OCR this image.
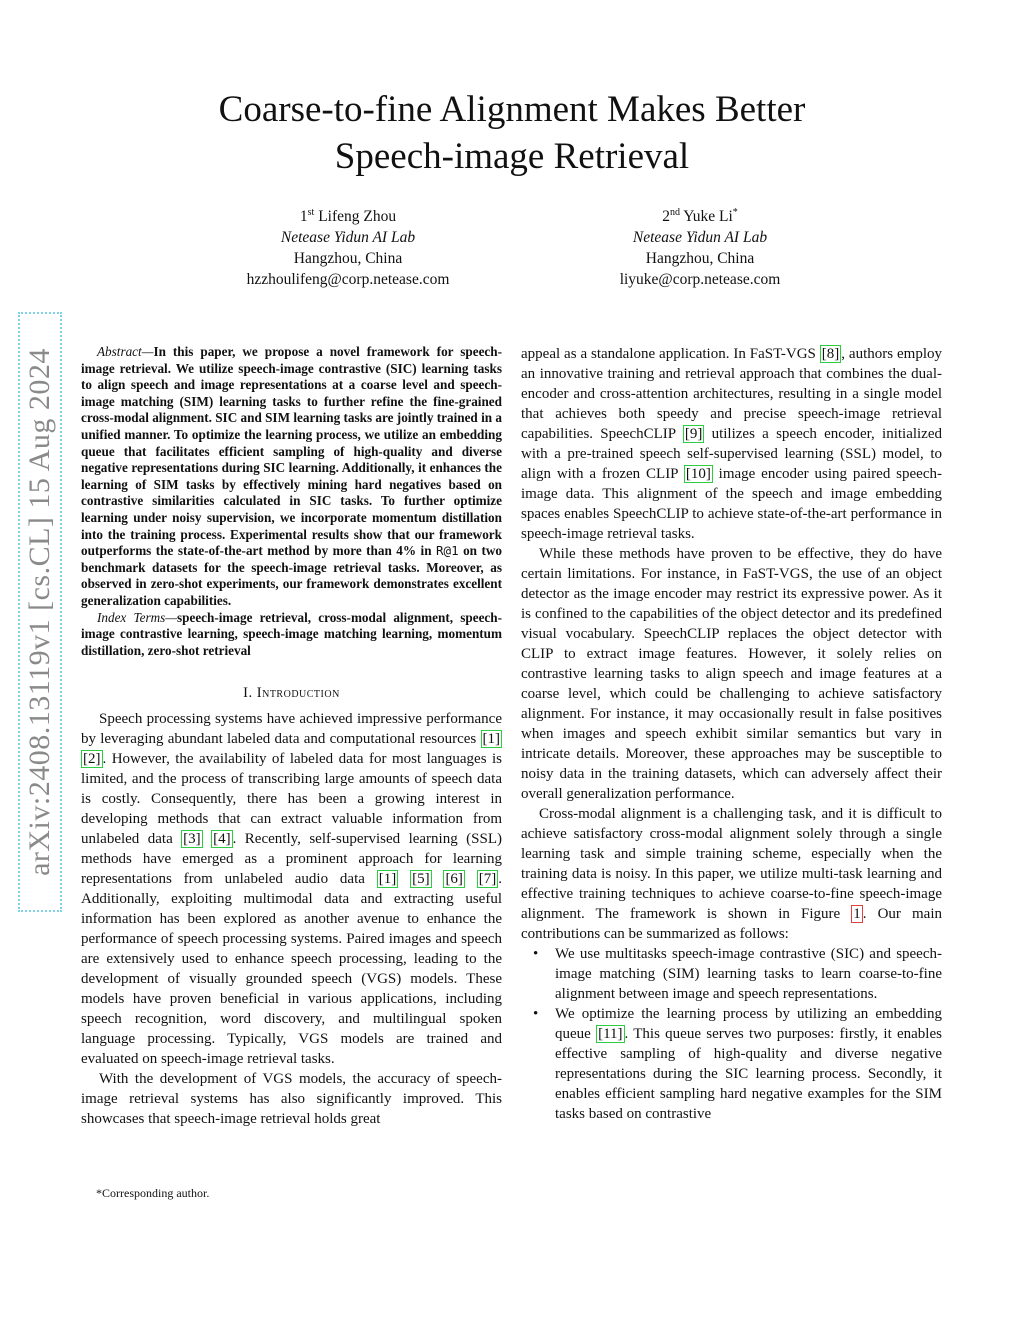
arXiv:2408.13119v1 [cs.CL] 15 Aug 2024
Coarse-to-fine Alignment Makes Better
Speech-image Retrieval
1st Lifeng Zhou
Netease Yidun AI Lab
Hangzhou, China
hzzhoulifeng@corp.netease.com
2nd Yuke Li*
Netease Yidun AI Lab
Hangzhou, China
liyuke@corp.netease.com

Abstract—In this paper, we propose a novel framework for speech-image retrieval. We utilize speech-image contrastive (SIC) learning tasks to align speech and image representations at a coarse level and speech-image matching (SIM) learning tasks to further refine the fine-grained cross-modal alignment. SIC and SIM learning tasks are jointly trained in a unified manner. To optimize the learning process, we utilize an embedding queue that facilitates efficient sampling of high-quality and diverse negative representations during SIC learning. Additionally, it enhances the learning of SIM tasks by effectively mining hard negatives based on contrastive similarities calculated in SIC tasks. To further optimize learning under noisy supervision, we incorporate momentum distillation into the training process. Experimental results show that our framework outperforms the state-of-the-art method by more than 4% in R@1 on two benchmark datasets for the speech-image retrieval tasks. Moreover, as observed in zero-shot experiments, our framework demonstrates excellent generalization capabilities.

Index Terms—speech-image retrieval, cross-modal alignment, speech-image contrastive learning, speech-image matching learning, momentum distillation, zero-shot retrieval

I. Introduction

Speech processing systems have achieved impressive performance by leveraging abundant labeled data and computational resources [1] [2] . However, the availability of labeled data for most languages is limited, and the process of transcribing large amounts of speech data is costly. Consequently, there has been a growing interest in developing methods that can extract valuable information from unlabeled data [3] [4] . Recently, self-supervised learning (SSL) methods have emerged as a prominent approach for learning representations from unlabeled audio data [1] [5] [6] [7] . Additionally, exploiting multimodal data and extracting useful information has been explored as another avenue to enhance the performance of speech processing systems. Paired images and speech are extensively used to enhance speech processing, leading to the development of visually grounded speech (VGS) models. These models have proven beneficial in various applications, including speech recognition, word discovery, and multilingual spoken language processing. Typically, VGS models are trained and evaluated on speech-image retrieval tasks.

With the development of VGS models, the accuracy of speech-image retrieval systems has also significantly improved. This showcases that speech-image retrieval holds great

*Corresponding author.

appeal as a standalone application. In FaST-VGS [8] , authors employ an innovative training and retrieval approach that combines the dual-encoder and cross-attention architectures, resulting in a single model that achieves both speedy and precise speech-image retrieval capabilities. SpeechCLIP [9] utilizes a speech encoder, initialized with a pre-trained speech self-supervised learning (SSL) model, to align with a frozen CLIP [10] image encoder using paired speech-image data. This alignment of the speech and image embedding spaces enables SpeechCLIP to achieve state-of-the-art performance in speech-image retrieval tasks.

While these methods have proven to be effective, they do have certain limitations. For instance, in FaST-VGS, the use of an object detector as the image encoder may restrict its expressive power. As it is confined to the capabilities of the object detector and its predefined visual vocabulary. SpeechCLIP replaces the object detector with CLIP to extract image features. However, it solely relies on contrastive learning tasks to align speech and image features at a coarse level, which could be challenging to achieve satisfactory alignment. For instance, it may occasionally result in false positives when images and speech exhibit similar semantics but vary in intricate details. Moreover, these approaches may be susceptible to noisy data in the training datasets, which can adversely affect their overall generalization performance.

Cross-modal alignment is a challenging task, and it is difficult to achieve satisfactory cross-modal alignment solely through a single learning task and simple training scheme, especially when the training data is noisy. In this paper, we utilize multi-task learning and effective training techniques to achieve coarse-to-fine speech-image alignment. The framework is shown in Figure 1 . Our main contributions can be summarized as follows:

• We use multitasks speech-image contrastive (SIC) and speech-image matching (SIM) learning tasks to learn coarse-to-fine alignment between image and speech representations.
• We optimize the learning process by utilizing an embedding queue [11] . This queue serves two purposes: firstly, it enables effective sampling of high-quality and diverse negative representations during the SIC learning process. Secondly, it enables efficient sampling hard negative examples for the SIM tasks based on contrastive
